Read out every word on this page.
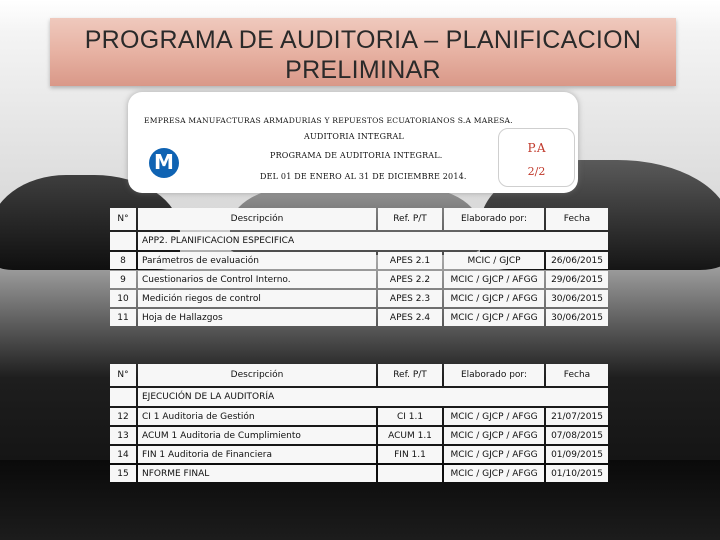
PROGRAMA DE AUDITORIA – PLANIFICACION
PRELIMINAR
EMPRESA MANUFACTURAS ARMADURIAS Y REPUESTOS ECUATORIANOS S.A MARESA.
AUDITORIA INTEGRAL
PROGRAMA DE AUDITORIA INTEGRAL.
DEL 01 DE ENERO AL 31 DE DICIEMBRE 2014.
M
P.A
2/2
N°	Descripción	Ref. P/T	Elaborado por:	Fecha
	APP2. PLANIFICACION ESPECIFICA			
8	Parámetros de evaluación	APES 2.1	MCIC / GJCP	26/06/2015
9	Cuestionarios de Control Interno.	APES 2.2	MCIC / GJCP / AFGG	29/06/2015
10	Medición riegos de control	APES 2.3	MCIC / GJCP / AFGG	30/06/2015
11	Hoja de Hallazgos	APES 2.4	MCIC / GJCP / AFGG	30/06/2015
N°	Descripción	Ref. P/T	Elaborado por:	Fecha
	EJECUCIÓN DE LA AUDITORÍA			
12	CI 1 Auditoria de Gestión	CI 1.1	MCIC / GJCP / AFGG	21/07/2015
13	ACUM 1 Auditoria de Cumplimiento	ACUM 1.1	MCIC / GJCP / AFGG	07/08/2015
14	FIN 1 Auditoria de Financiera	FIN 1.1	MCIC / GJCP / AFGG	01/09/2015
15	NFORME FINAL		MCIC / GJCP / AFGG	01/10/2015
